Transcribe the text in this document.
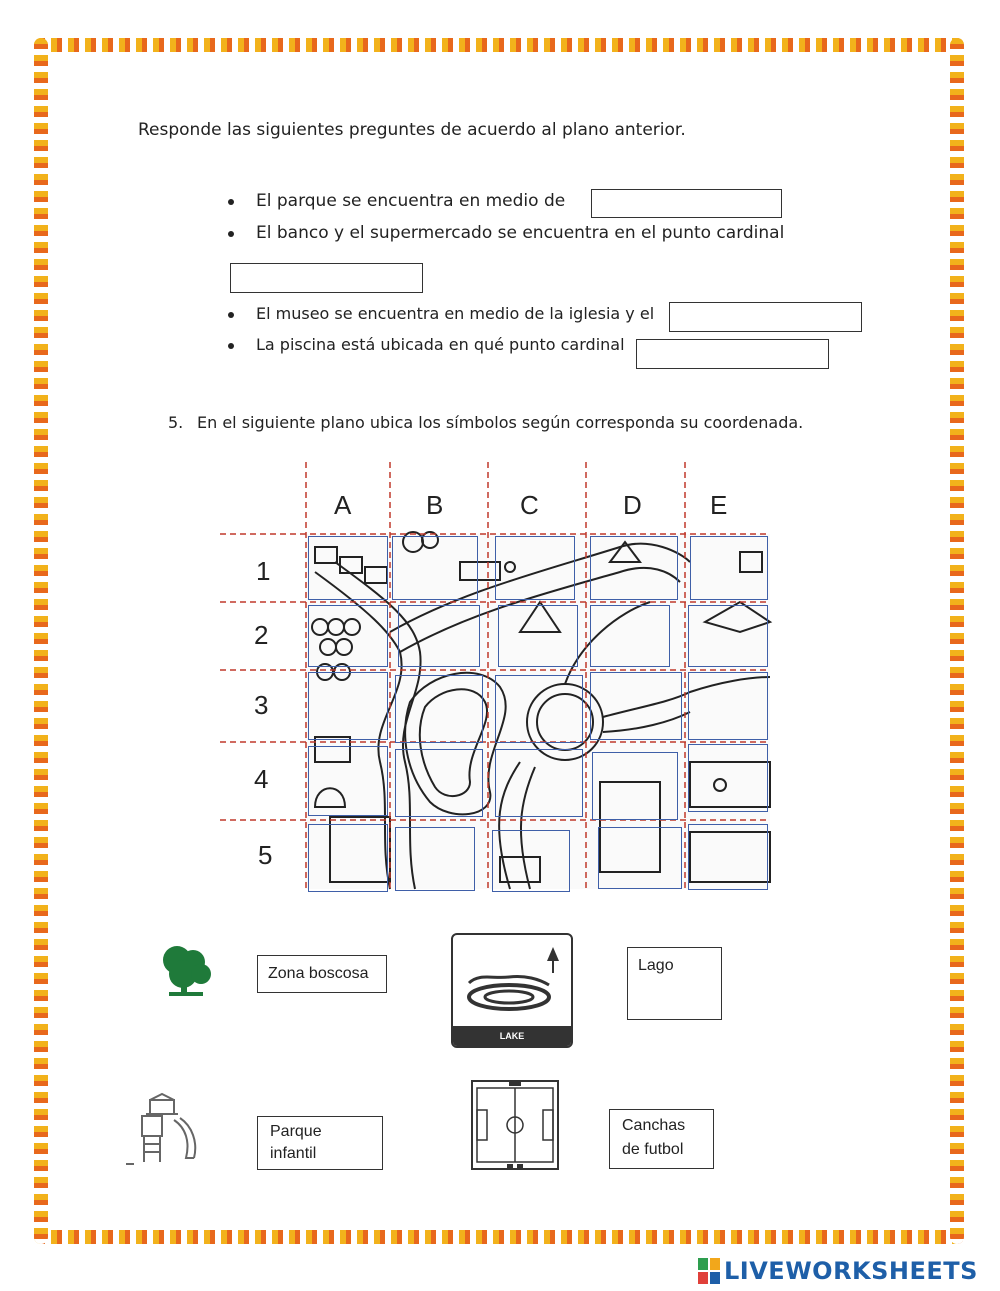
Responde las siguientes preguntes de acuerdo al plano anterior.
El parque se encuentra en medio de
El banco y el supermercado se encuentra en el punto cardinal
El museo se encuentra en medio de la iglesia y el
La piscina está ubicada en qué punto cardinal
5. En el siguiente plano ubica los símbolos según corresponda su coordenada.
A	B	C	D	E
1
2
3
4
5
Zona boscosa
LAKE
Lago
Parque infantil
Canchas de futbol
LIVEWORKSHEETS
